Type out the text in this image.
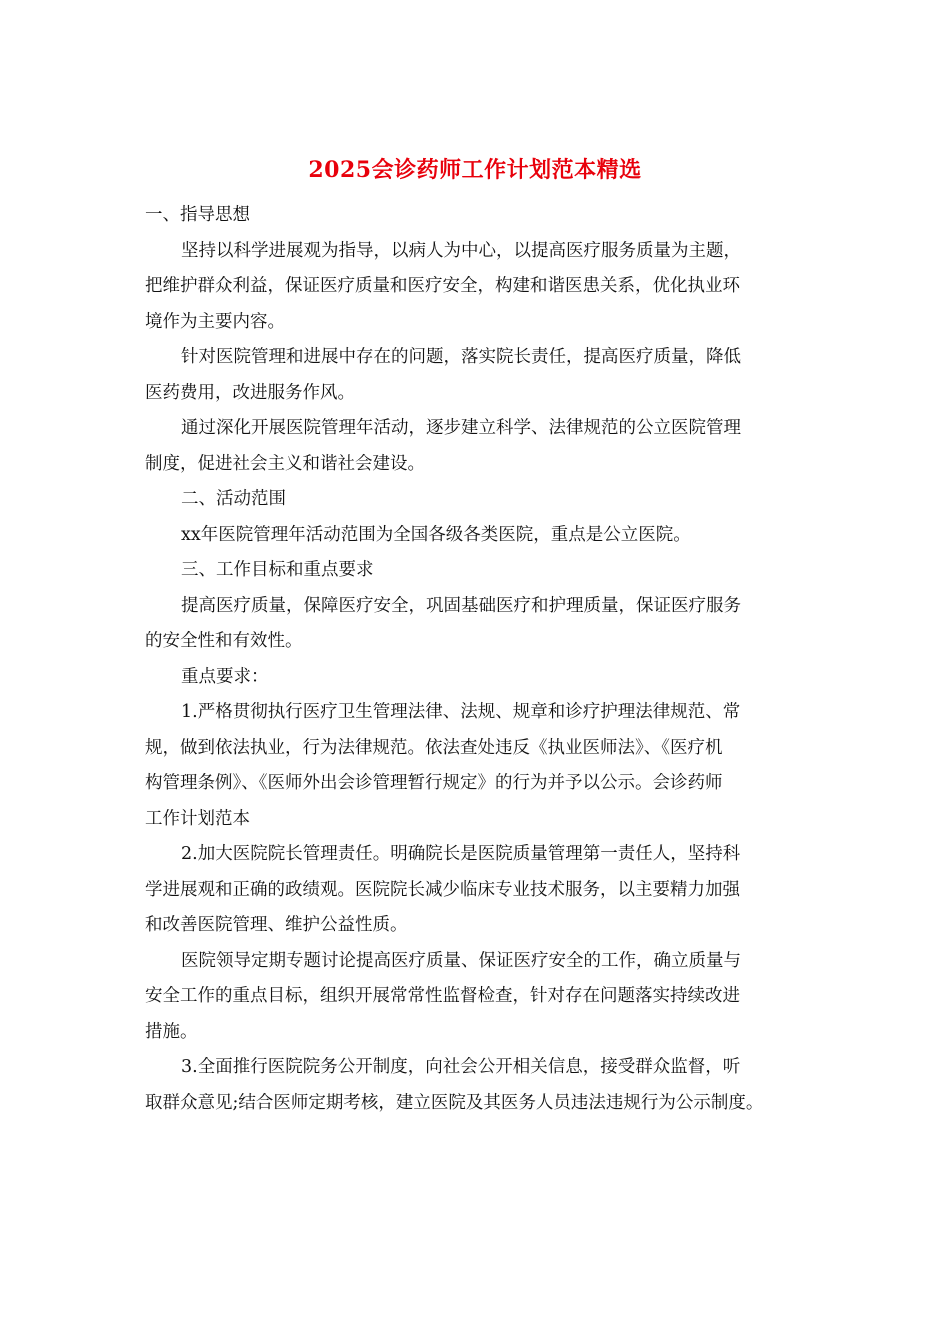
2025会诊药师工作计划范本精选
一、指导思想
坚持以科学进展观为指导，以病人为中心，以提高医疗服务质量为主题，
把维护群众利益，保证医疗质量和医疗安全，构建和谐医患关系，优化执业环
境作为主要内容。
针对医院管理和进展中存在的问题，落实院长责任，提高医疗质量，降低
医药费用，改进服务作风。
通过深化开展医院管理年活动，逐步建立科学、法律规范的公立医院管理
制度，促进社会主义和谐社会建设。
二、活动范围
xx年医院管理年活动范围为全国各级各类医院，重点是公立医院。
三、工作目标和重点要求
提高医疗质量，保障医疗安全，巩固基础医疗和护理质量，保证医疗服务
的安全性和有效性。
重点要求：
1.严格贯彻执行医疗卫生管理法律、法规、规章和诊疗护理法律规范、常
规，做到依法执业，行为法律规范。依法查处违反《执业医师法》、《医疗机
构管理条例》、《医师外出会诊管理暂行规定》的行为并予以公示。会诊药师
工作计划范本
2.加大医院院长管理责任。明确院长是医院质量管理第一责任人，坚持科
学进展观和正确的政绩观。医院院长减少临床专业技术服务，以主要精力加强
和改善医院管理、维护公益性质。
医院领导定期专题讨论提高医疗质量、保证医疗安全的工作，确立质量与
安全工作的重点目标，组织开展常常性监督检查，针对存在问题落实持续改进
措施。
3.全面推行医院院务公开制度，向社会公开相关信息，接受群众监督，听
取群众意见;结合医师定期考核，建立医院及其医务人员违法违规行为公示制度。
